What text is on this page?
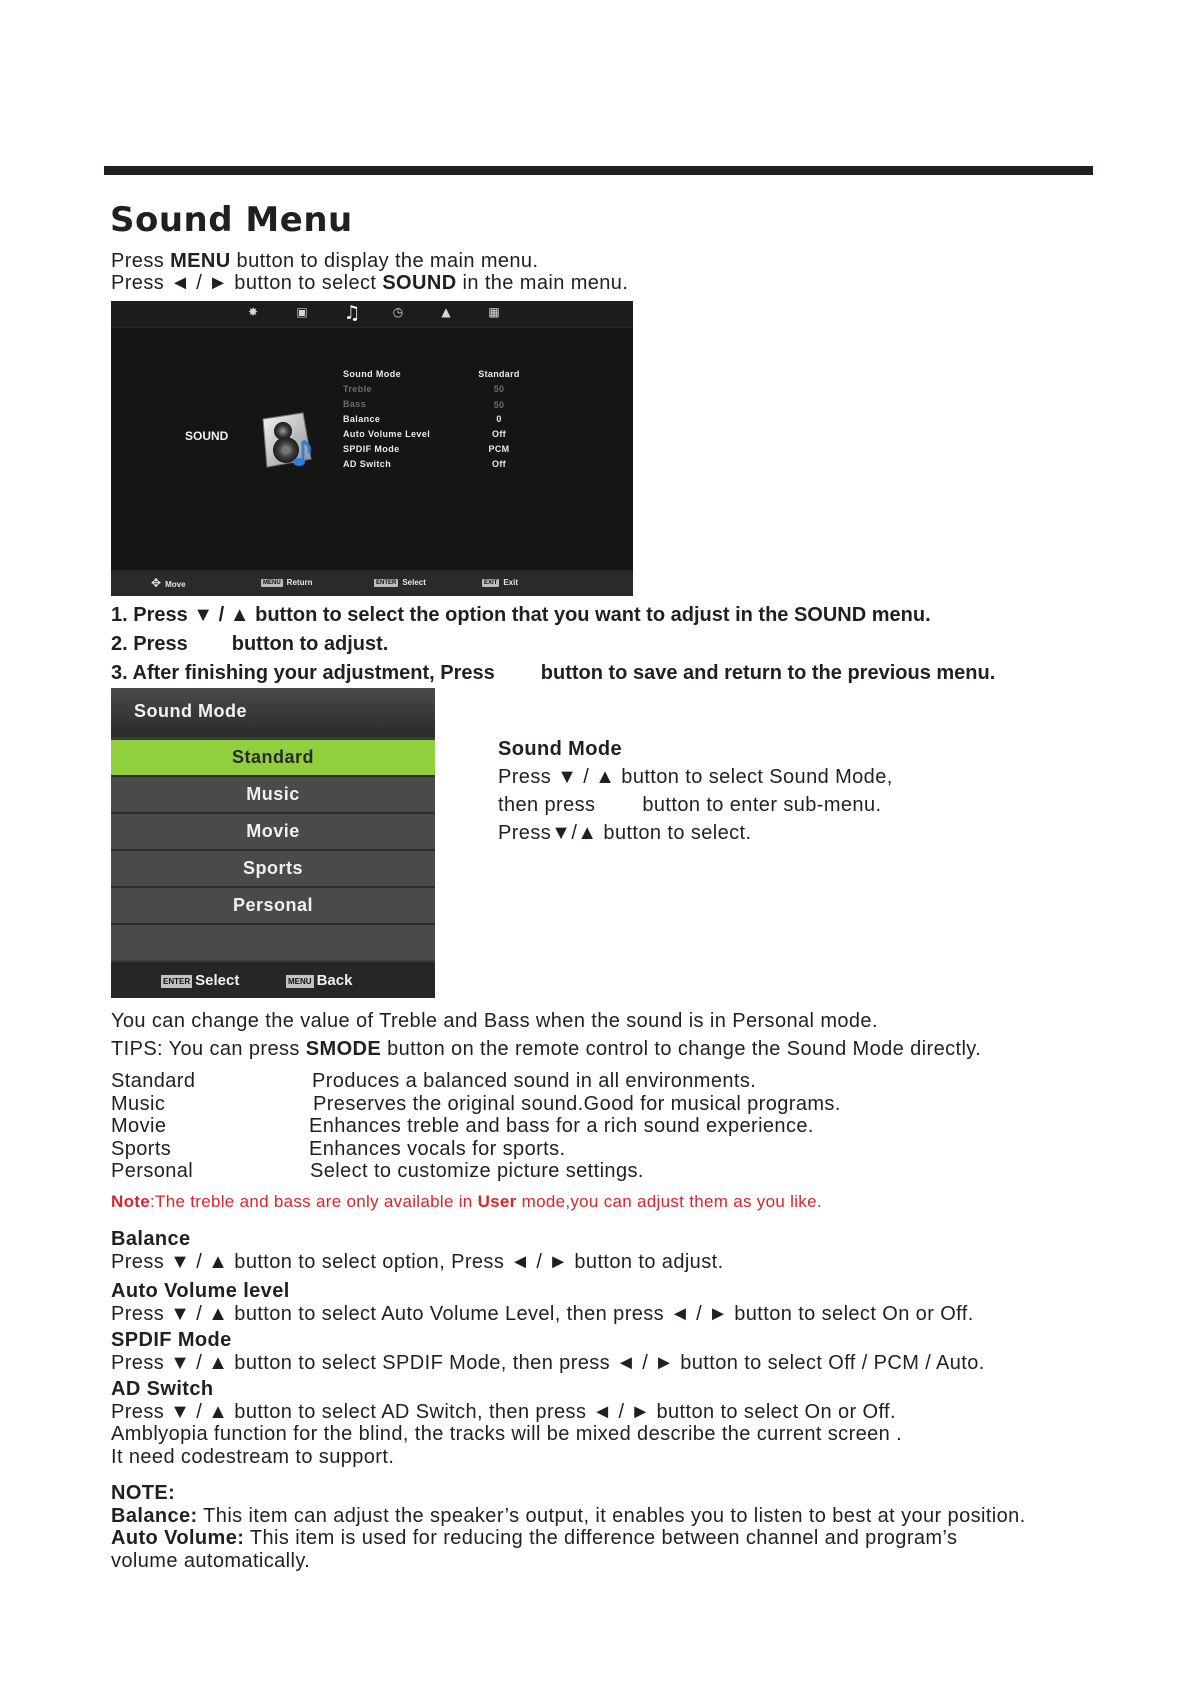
Sound Menu
Press MENU button to display the main menu.
Press ◄ / ► button to select SOUND in the main menu.
✸	▣ ♫	◷	▲	▦
SOUND
Sound Mode	Standard
Treble	50
Bass	50
Balance	0
Auto Volume Level	Off
SPDIF Mode	PCM
AD Switch	Off
✥ Move	MENU Return	ENTER Select	EXIT Exit
1. Press ▼ / ▲ button to select the option that you want to adjust in the SOUND menu.
2. Press button to adjust.
3. After finishing your adjustment, Press button to save and return to the previous menu.
Sound Mode
Standard
Music
Movie
Sports
Personal
ENTER Select	MENU Back
Sound Mode
Press ▼ / ▲ button to select Sound Mode,
then press button to enter sub-menu.
Press▼/▲ button to select.
You can change the value of Treble and Bass when the sound is in Personal mode.
TIPS: You can press SMODE button on the remote control to change the Sound Mode directly.
Standard	Produces a balanced sound in all environments.
Music	Preserves the original sound.Good for musical programs.
Movie	Enhances treble and bass for a rich sound experience.
Sports	Enhances vocals for sports.
Personal	Select to customize picture settings.
Note:The treble and bass are only available in User mode,you can adjust them as you like.
Balance
Press ▼ / ▲ button to select option, Press ◄ / ► button to adjust.
Auto Volume level
Press ▼ / ▲ button to select Auto Volume Level, then press ◄ / ► button to select On or Off.
SPDIF Mode
Press ▼ / ▲ button to select SPDIF Mode, then press ◄ / ► button to select Off / PCM / Auto.
AD Switch
Press ▼ / ▲ button to select AD Switch, then press ◄ / ► button to select On or Off.
Amblyopia function for the blind, the tracks will be mixed describe the current screen .
It need codestream to support.
NOTE:
Balance: This item can adjust the speaker’s output, it enables you to listen to best at your position.
Auto Volume: This item is used for reducing the difference between channel and program’s
volume automatically.
